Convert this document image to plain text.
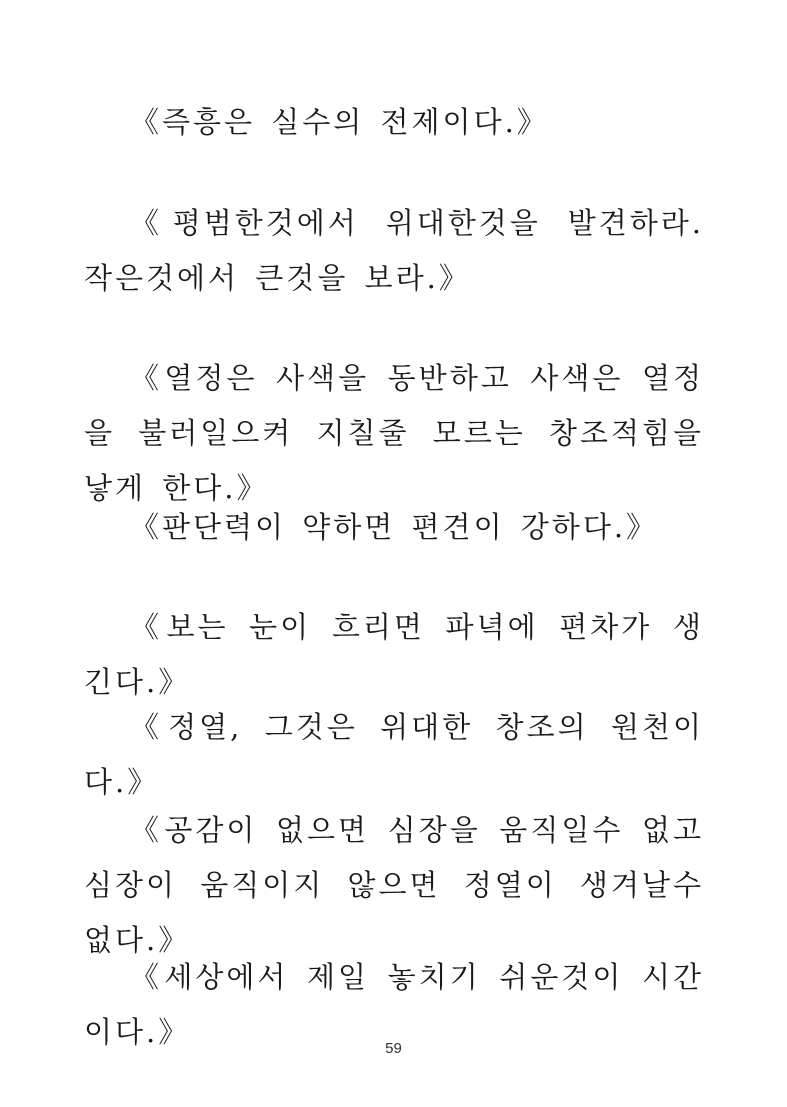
《즉흥은 실수의 전제이다.》

《평범한것에서 위대한것을 발견하라. 작은것에서 큰것을 보라.》

《열정은 사색을 동반하고 사색은 열정을 불러일으켜 지칠줄 모르는 창조적힘을 낳게 한다.》

《판단력이 약하면 편견이 강하다.》

《보는 눈이 흐리면 파녁에 편차가 생긴다.》

《정열, 그것은 위대한 창조의 원천이다.》

《공감이 없으면 심장을 움직일수 없고 심장이 움직이지 않으면 정열이 생겨날수 없다.》

《세상에서 제일 놓치기 쉬운것이 시간이다.》	59
